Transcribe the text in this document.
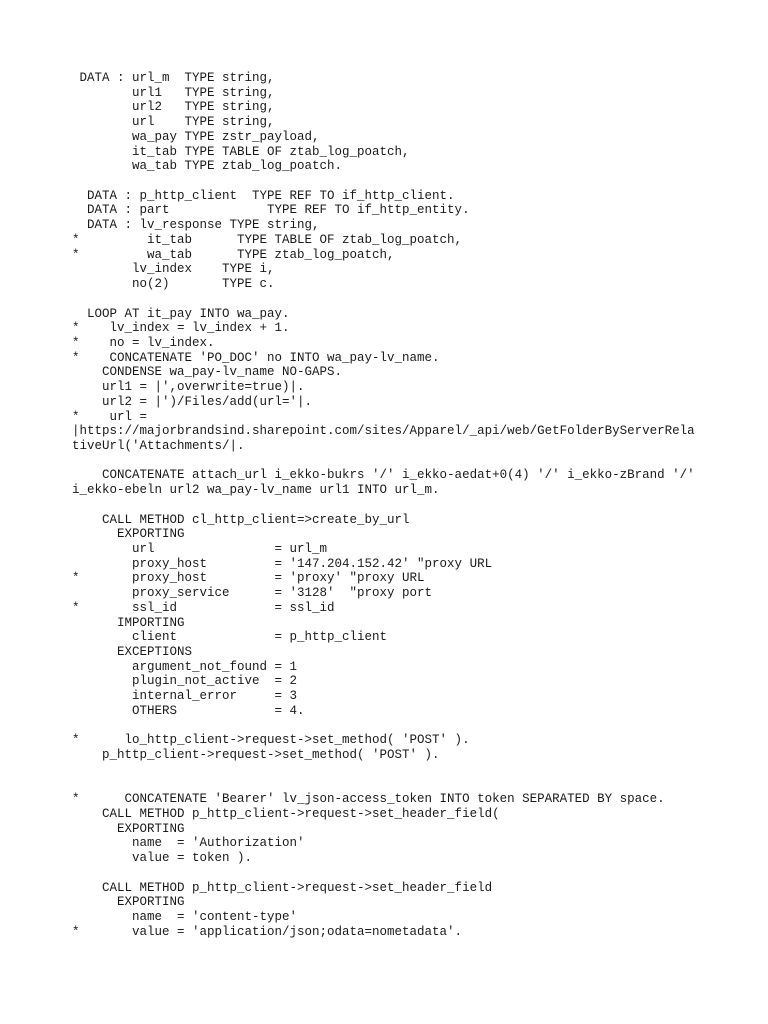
DATA : url_m  TYPE string,
url1   TYPE string,
url2   TYPE string,
url    TYPE string,
wa_pay TYPE zstr_payload,
it_tab TYPE TABLE OF ztab_log_poatch,
wa_tab TYPE ztab_log_poatch.
DATA : p_http_client  TYPE REF TO if_http_client.
DATA : part             TYPE REF TO if_http_entity.
DATA : lv_response TYPE string,
*         it_tab      TYPE TABLE OF ztab_log_poatch,
*         wa_tab      TYPE ztab_log_poatch,
lv_index    TYPE i,
no(2)       TYPE c.
LOOP AT it_pay INTO wa_pay.
*    lv_index = lv_index + 1.
*    no = lv_index.
*    CONCATENATE 'PO_DOC' no INTO wa_pay-lv_name.
CONDENSE wa_pay-lv_name NO-GAPS.
url1 = |',overwrite=true)|.
url2 = |')/Files/add(url='|.
*    url =
|https://majorbrandsind.sharepoint.com/sites/Apparel/_api/web/GetFolderByServerRela
tiveUrl('Attachments/|.
CONCATENATE attach_url i_ekko-bukrs '/' i_ekko-aedat+0(4) '/' i_ekko-zBrand '/'
i_ekko-ebeln url2 wa_pay-lv_name url1 INTO url_m.
CALL METHOD cl_http_client=>create_by_url
EXPORTING
url                = url_m
proxy_host         = '147.204.152.42' "proxy URL
*       proxy_host         = 'proxy' "proxy URL
proxy_service      = '3128'  "proxy port
*       ssl_id             = ssl_id
IMPORTING
client             = p_http_client
EXCEPTIONS
argument_not_found = 1
plugin_not_active  = 2
internal_error     = 3
OTHERS             = 4.
*      lo_http_client->request->set_method( 'POST' ).
p_http_client->request->set_method( 'POST' ).
*      CONCATENATE 'Bearer' lv_json-access_token INTO token SEPARATED BY space.
CALL METHOD p_http_client->request->set_header_field(
EXPORTING
name  = 'Authorization'
value = token ).
CALL METHOD p_http_client->request->set_header_field
EXPORTING
name  = 'content-type'
*       value = 'application/json;odata=nometadata'.
